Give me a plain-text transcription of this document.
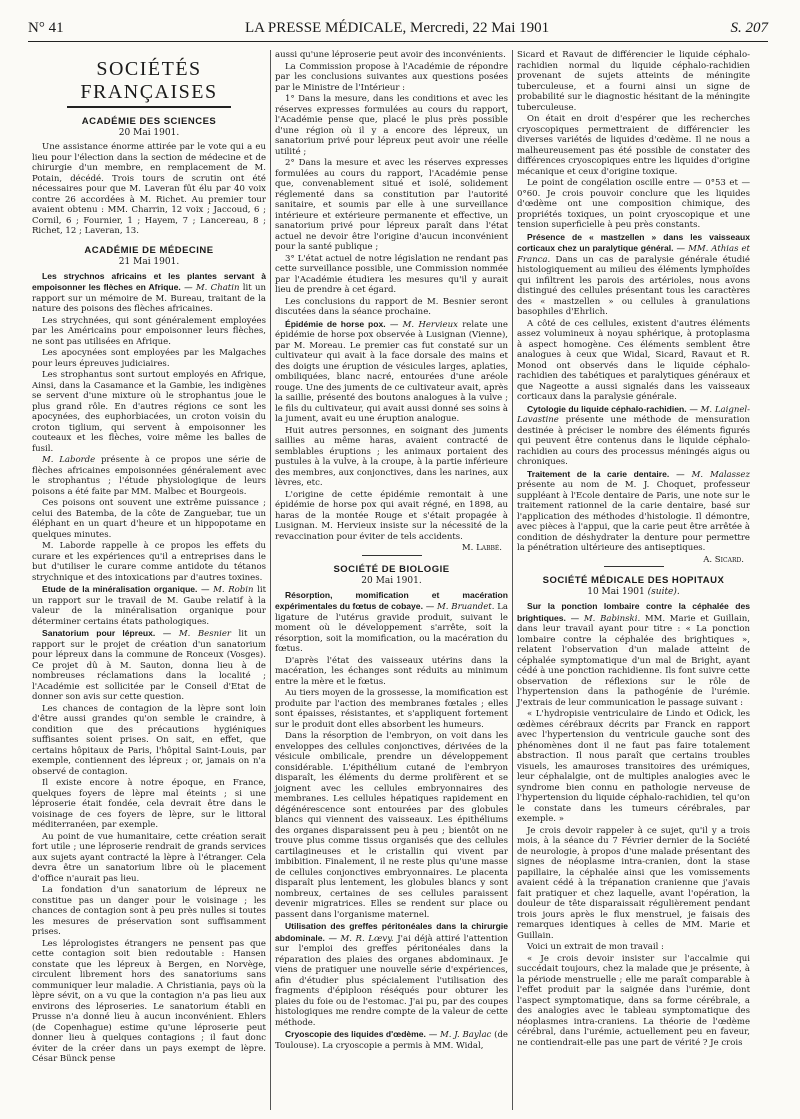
N° 41	LA PRESSE MÉDICALE, Mercredi, 22 Mai 1901	S. 207
SOCIÉTÉS FRANÇAISES
ACADÉMIE DES SCIENCES
20 Mai 1901.

Une assistance énorme attirée par le vote qui a eu lieu pour l'élection dans la section de médecine et de chirurgie d'un membre, en remplacement de M. Potain, décédé. Trois tours de scrutin ont été nécessaires pour que M. Laveran fût élu par 40 voix contre 26 accordées à M. Richet. Au premier tour avaient obtenu : MM. Charrin, 12 voix ; Jaccoud, 6 ; Cornil, 6 ; Fournier, 1 ; Hayem, 7 ; Lancereau, 8 ; Richet, 12 ; Laveran, 13.

ACADÉMIE DE MÉDECINE
21 Mai 1901.

Les strychnos africains et les plantes servant à empoisonner les flèches en Afrique. — M. Chatin lit un rapport sur un mémoire de M. Bureau, traitant de la nature des poisons des flèches africaines.

Les strychnées, qui sont généralement employées par les Américains pour empoisonner leurs flèches, ne sont pas utilisées en Afrique.

Les apocynées sont employées par les Malgaches pour leurs épreuves judiciaires.

Les strophantus sont surtout employés en Afrique, Ainsi, dans la Casamance et la Gambie, les indigènes se servent d'une mixture où le strophantus joue le plus grand rôle. En d'autres régions ce sont les apocynées, des euphorbiacées, un croton voisin du croton tiglium, qui servent à empoisonner les couteaux et les flèches, voire même les balles de fusil.

M. Laborde présente à ce propos une série de flèches africaines empoisonnées généralement avec le strophantus ; l'étude physiologique de leurs poisons a été faite par MM. Malbec et Bourgeois.

Ces poisons ont souvent une extrême puissance ; celui des Batemba, de la côte de Zanguebar, tue un éléphant en un quart d'heure et un hippopotame en quelques minutes.

M. Laborde rappelle à ce propos les effets du curare et les expériences qu'il a entreprises dans le but d'utiliser le curare comme antidote du tétanos strychnique et des intoxications par d'autres toxines.

Etude de la minéralisation organique. — M. Robin lit un rapport sur le travail de M. Gaube relatif à la valeur de la minéralisation organique pour déterminer certains états pathologiques.

Sanatorium pour lépreux. — M. Besnier lit un rapport sur le projet de création d'un sanatorium pour lépreux dans la commune de Ronceux (Vosges). Ce projet dû à M. Sauton, donna lieu à de nombreuses réclamations dans la localité ; l'Académie est sollicitée par le Conseil d'Etat de donner son avis sur cette question.

Les chances de contagion de la lèpre sont loin d'être aussi grandes qu'on semble le craindre, à condition que des précautions hygiéniques suffisantes soient prises. On sait, en effet, que certains hôpitaux de Paris, l'hôpital Saint-Louis, par exemple, contiennent des lépreux ; or, jamais on n'a observé de contagion.

Il existe encore à notre époque, en France, quelques foyers de lèpre mal éteints ; si une léproserie était fondée, cela devrait être dans le voisinage de ces foyers de lèpre, sur le littoral méditerranéen, par exemple.

Au point de vue humanitaire, cette création serait fort utile ; une léproserie rendrait de grands services aux sujets ayant contracté la lèpre à l'étranger. Cela devra être un sanatorium libre où le placement d'office n'aurait pas lieu.

La fondation d'un sanatorium de lépreux ne constitue pas un danger pour le voisinage ; les chances de contagion sont à peu près nulles si toutes les mesures de préservation sont suffisamment prises.

Les léprologistes étrangers ne pensent pas que cette contagion soit bien redoutable : Hansen constate que les lépreux à Bergen, en Norvège, circulent librement hors des sanatoriums sans communiquer leur maladie. A Christiania, pays où la lèpre sévit, on a vu que la contagion n'a pas lieu aux environs des léproseries. Le sanatorium établi en Prusse n'a donné lieu à aucun inconvénient. Ehlers (de Copenhague) estime qu'une léproserie peut donner lieu à quelques contagions ; il faut donc éviter de la créer dans un pays exempt de lèpre. César Bünck pense

aussi qu'une léproserie peut avoir des inconvénients.

La Commission propose à l'Académie de répondre par les conclusions suivantes aux questions posées par le Ministre de l'Intérieur :

1° Dans la mesure, dans les conditions et avec les réserves expresses formulées au cours du rapport, l'Académie pense que, placé le plus près possible d'une région où il y a encore des lépreux, un sanatorium privé pour lépreux peut avoir une réelle utilité ;

2° Dans la mesure et avec les réserves expresses formulées au cours du rapport, l'Académie pense que, convenablement situé et isolé, solidement réglementé dans sa constitution par l'autorité sanitaire, et soumis par elle à une surveillance intérieure et extérieure permanente et effective, un sanatorium privé pour lépreux paraît dans l'état actuel ne devoir être l'origine d'aucun inconvénient pour la santé publique ;

3° L'état actuel de notre législation ne rendant pas cette surveillance possible, une Commission nommée par l'Académie étudiera les mesures qu'il y aurait lieu de prendre à cet égard.

Les conclusions du rapport de M. Besnier seront discutées dans la séance prochaine.

Épidémie de horse pox. — M. Hervieux relate une épidémie de horse pox observée à Lusignan (Vienne), par M. Moreau. Le premier cas fut constaté sur un cultivateur qui avait à la face dorsale des mains et des doigts une éruption de vésicules larges, aplaties, ombiliquées, blanc nacré, entourées d'une aréole rouge. Une des juments de ce cultivateur avait, après la saillie, présenté des boutons analogues à la vulve ; le fils du cultivateur, qui avait aussi donné ses soins à la jument, avait eu une éruption analogue.

Huit autres personnes, en soignant des juments saillies au même haras, avaient contracté de semblables éruptions ; les animaux portaient des pustules à la vulve, à la croupe, à la partie inférieure des membres, aux conjonctives, dans les narines, aux lèvres, etc.

L'origine de cette épidémie remontait à une épidémie de horse pox qui avait régné, en 1898, au haras de la montée Rouge et s'était propagée à Lusignan. M. Hervieux insiste sur la nécessité de la revaccination pour éviter de tels accidents.

M. Labbé.

SOCIÉTÉ DE BIOLOGIE
20 Mai 1901.

Résorption, momification et macération expérimentales du fœtus de cobaye. — M. Bruandet. La ligature de l'utérus gravide produit, suivant le moment où le développement s'arrête, soit la résorption, soit la momification, ou la macération du fœtus.

D'après l'état des vaisseaux utérins dans la macération, les échanges sont réduits au minimum entre la mère et le fœtus.

Au tiers moyen de la grossesse, la momification est produite par l'action des membranes fœtales ; elles sont épaisses, résistantes, et s'appliquent fortement sur le produit dont elles absorbent les humeurs.

Dans la résorption de l'embryon, on voit dans les enveloppes des cellules conjonctives, dérivées de la vésicule ombilicale, prendre un développement considérable. L'épithélium cutané de l'embryon disparaît, les éléments du derme prolifèrent et se joignent avec les cellules embryonnaires des membranes. Les cellules hépatiques rapidement en dégénérescence sont entourées par des globules blancs qui viennent des vaisseaux. Les épithéliums des organes disparaissent peu à peu ; bientôt on ne trouve plus comme tissus organisés que des cellules cartilagineuses et le cristallin qui vivent par imbibition. Finalement, il ne reste plus qu'une masse de cellules conjonctives embryonnaires. Le placenta disparaît plus lentement, les globules blancs y sont nombreux, certaines de ses cellules paraissent devenir migratrices. Elles se rendent sur place ou passent dans l'organisme maternel.

Utilisation des greffes péritonéales dans la chirurgie abdominale. — M. R. Lœvy. J'ai déjà attiré l'attention sur l'emploi des greffes péritonéales dans la réparation des plaies des organes abdominaux. Je viens de pratiquer une nouvelle série d'expériences, afin d'étudier plus spécialement l'utilisation des fragments d'épiploon réséqués pour obturer les plaies du foie ou de l'estomac. J'ai pu, par des coupes histologiques me rendre compte de la valeur de cette méthode.

Cryoscopie des liquides d'œdème. — M. J. Baylac (de Toulouse). La cryoscopie a permis à MM. Widal,

Sicard et Ravaut de différencier le liquide céphalo-rachidien normal du liquide céphalo-rachidien provenant de sujets atteints de méningite tuberculeuse, et a fourni ainsi un signe de probabilité sur le diagnostic hésitant de la méningite tuberculeuse.

On était en droit d'espérer que les recherches cryoscopiques permettraient de différencier les diverses variétés de liquides d'œdème. Il ne nous a malheureusement pas été possible de constater des différences cryoscopiques entre les liquides d'origine mécanique et ceux d'origine toxique.

Le point de congélation oscille entre — 0°53 et — 0°60. Je crois pouvoir conclure que les liquides d'œdème ont une composition chimique, des propriétés toxiques, un point cryoscopique et une tension superficielle à peu près constants.

Présence de « mastzellen » dans les vaisseaux corticaux chez un paralytique général. — MM. Athias et Franca. Dans un cas de paralysie générale étudié histologiquement au milieu des éléments lymphoïdes qui infiltrent les parois des artérioles, nous avons distingué des cellules présentant tous les caractères des « mastzellen » ou cellules à granulations basophiles d'Ehrlich.

A côté de ces cellules, existent d'autres éléments assez volumineux à noyau sphérique, à protoplasma à aspect homogène. Ces éléments semblent être analogues à ceux que Widal, Sicard, Ravaut et R. Monod ont observés dans le liquide céphalo-rachidien des tabétiques et paralytiques généraux et que Nageotte a aussi signalés dans les vaisseaux corticaux dans la paralysie générale.

Cytologie du liquide céphalo-rachidien. — M. Laignel-Lavastine présente une méthode de mensuration destinée à préciser le nombre des éléments figurés qui peuvent être contenus dans le liquide céphalo-rachidien au cours des processus méningés aigus ou chroniques.

Traitement de la carie dentaire. — M. Malassez présente au nom de M. J. Choquet, professeur suppléant à l'Ecole dentaire de Paris, une note sur le traitement rationnel de la carie dentaire, basé sur l'application des méthodes d'histologie. Il démontre, avec pièces à l'appui, que la carie peut être arrêtée à condition de déshydrater la denture pour permettre la pénétration ultérieure des antiseptiques.

A. Sicard.

SOCIÉTÉ MÉDICALE DES HOPITAUX
10 Mai 1901 (suite).

Sur la ponction lombaire contre la céphalée des brightiques. — M. Babinski. MM. Marie et Guillain, dans leur travail ayant pour titre : « La ponction lombaire contre la céphalée des brightiques », relatent l'observation d'un malade atteint de céphalée symptomatique d'un mal de Bright, ayant cédé à une ponction rachidienne. Ils font suivre cette observation de réflexions sur le rôle de l'hypertension dans la pathogénie de l'urémie. J'extrais de leur communication le passage suivant :

« L'hydropisie ventriculaire de Lindo et Odick, les œdèmes cérébraux décrits par Franck en rapport avec l'hypertension du ventricule gauche sont des phénomènes dont il ne faut pas faire totalement abstraction. Il nous paraît que certains troubles visuels, les amauroses transitoires des urémiques, leur céphalalgie, ont de multiples analogies avec le syndrome bien connu en pathologie nerveuse de l'hypertension du liquide céphalo-rachidien, tel qu'on le constate dans les tumeurs cérébrales, par exemple. »

Je crois devoir rappeler à ce sujet, qu'il y a trois mois, à la séance du 7 Février dernier de la Société de neurologie, à propos d'une malade présentant des signes de néoplasme intra-cranien, dont la stase papillaire, la céphalée ainsi que les vomissements avaient cédé à la trépanation cranienne que j'avais fait pratiquer et chez laquelle, avant l'opération, la douleur de tête disparaissait régulièrement pendant trois jours après le flux menstruel, je faisais des remarques identiques à celles de MM. Marie et Guillain.

Voici un extrait de mon travail :

« Je crois devoir insister sur l'accalmie qui succédait toujours, chez la malade que je présente, à la période menstruelle ; elle me paraît comparable à l'effet produit par la saignée dans l'urémie, dont l'aspect symptomatique, dans sa forme cérébrale, a des analogies avec le tableau symptomatique des néoplasmes intra-craniens. La théorie de l'œdème cérébral, dans l'urémie, actuellement peu en faveur, ne contiendrait-elle pas une part de vérité ? Je crois
